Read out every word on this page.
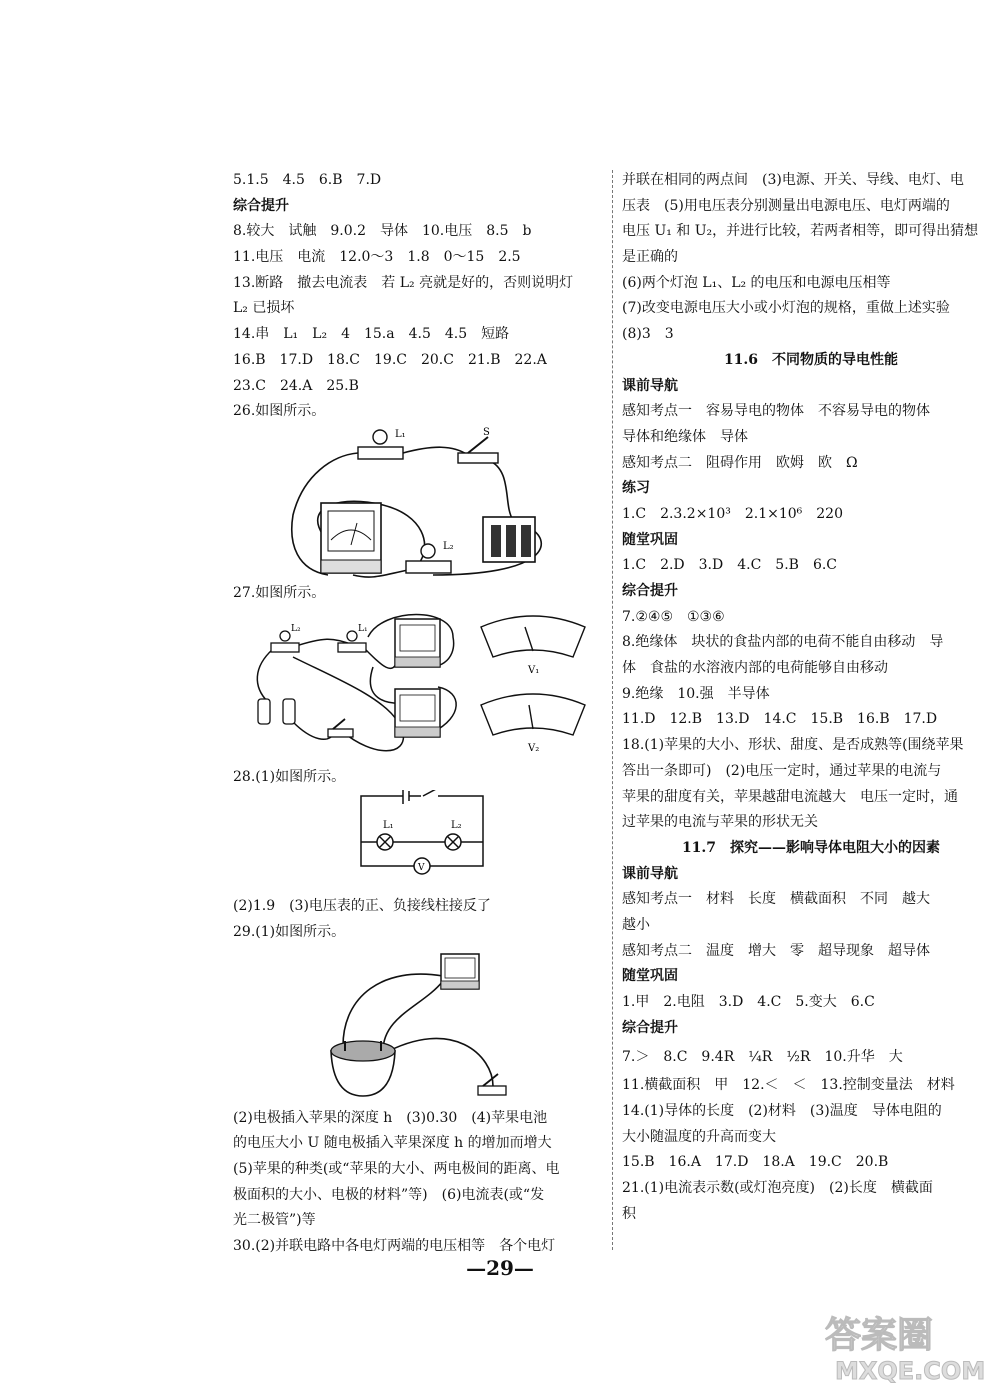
5.1.5　4.5　6.B　7.D
综合提升
8.较大　试触　9.0.2　导体　10.电压　8.5　b
11.电压　电流　12.0～3　1.8　0～15　2.5
13.断路　撤去电流表　若 L₂ 亮就是好的，否则说明灯
L₂ 已损坏
14.串　L₁　L₂　4　15.a　4.5　4.5　短路
16.B　17.D　18.C　19.C　20.C　21.B　22.A
23.C　24.A　25.B
26.如图所示。
L₁	S
L₂
27.如图所示。
L₂	L₁
V₁
V₂
28.(1)如图所示。
L₁	L₂
V
(2)1.9　(3)电压表的正、负接线柱接反了
29.(1)如图所示。
(2)电极插入苹果的深度 h　(3)0.30　(4)苹果电池
的电压大小 U 随电极插入苹果深度 h 的增加而增大
(5)苹果的种类(或“苹果的大小、两电极间的距离、电
极面积的大小、电极的材料”等)　(6)电流表(或“发
光二极管”)等
30.(2)并联电路中各电灯两端的电压相等　各个电灯
并联在相同的两点间　(3)电源、开关、导线、电灯、电
压表　(5)用电压表分别测量出电源电压、电灯两端的
电压 U₁ 和 U₂，并进行比较，若两者相等，即可得出猜想
是正确的
(6)两个灯泡 L₁、L₂ 的电压和电源电压相等
(7)改变电源电压大小或小灯泡的规格，重做上述实验
(8)3　3
11.6　不同物质的导电性能
课前导航
感知考点一　容易导电的物体　不容易导电的物体
导体和绝缘体　导体
感知考点二　阻碍作用　欧姆　欧　Ω
练习
1.C　2.3.2×10³　2.1×10⁶　220
随堂巩固
1.C　2.D　3.D　4.C　5.B　6.C
综合提升
7.②④⑤　①③⑥
8.绝缘体　块状的食盐内部的电荷不能自由移动　导
体　食盐的水溶液内部的电荷能够自由移动
9.绝缘　10.强　半导体
11.D　12.B　13.D　14.C　15.B　16.B　17.D
18.(1)苹果的大小、形状、甜度、是否成熟等(围绕苹果
答出一条即可)　(2)电压一定时，通过苹果的电流与
苹果的甜度有关，苹果越甜电流越大　电压一定时，通
过苹果的电流与苹果的形状无关
11.7　探究——影响导体电阻大小的因素
课前导航
感知考点一　材料　长度　横截面积　不同　越大
越小
感知考点二　温度　增大　零　超导现象　超导体
随堂巩固
1.甲　2.电阻　3.D　4.C　5.变大　6.C
综合提升
7.＞　8.C　9.4R　¼R　½R　10.升华　大
11.横截面积　甲　12.＜　＜　13.控制变量法　材料
14.(1)导体的长度　(2)材料　(3)温度　导体电阻的
大小随温度的升高而变大
15.B　16.A　17.D　18.A　19.C　20.B
21.(1)电流表示数(或灯泡亮度)　(2)长度　横截面
积
—29—
答案圈
MXQE.COM
